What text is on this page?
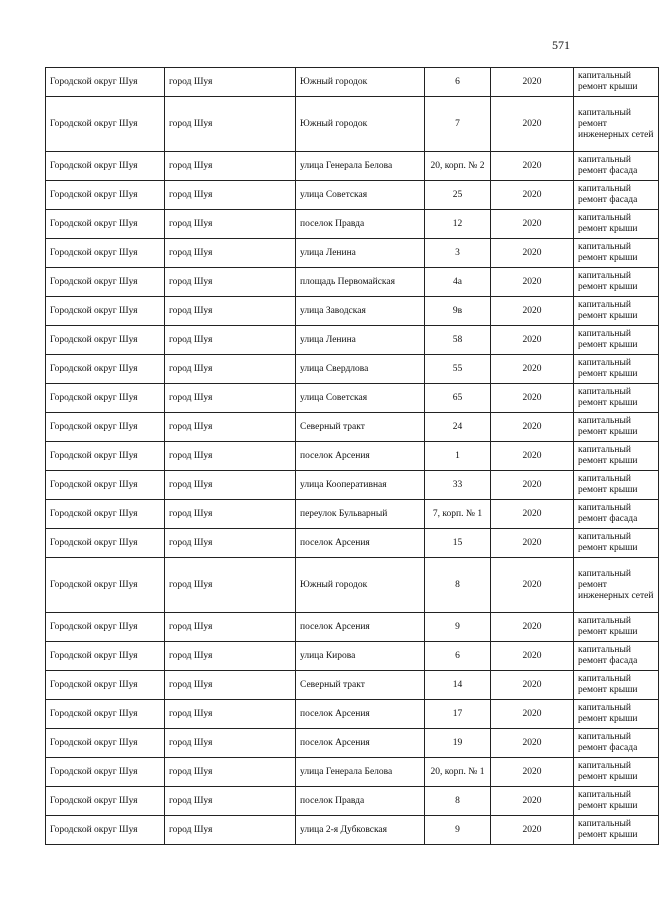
571
Городской округ Шуя	город Шуя	Южный городок	6	2020	капитальный ремонт крыши
Городской округ Шуя	город Шуя	Южный городок	7	2020	капитальный ремонт инженерных сетей
Городской округ Шуя	город Шуя	улица Генерала Белова	20, корп. № 2	2020	капитальный ремонт фасада
Городской округ Шуя	город Шуя	улица Советская	25	2020	капитальный ремонт фасада
Городской округ Шуя	город Шуя	поселок Правда	12	2020	капитальный ремонт крыши
Городской округ Шуя	город Шуя	улица Ленина	3	2020	капитальный ремонт крыши
Городской округ Шуя	город Шуя	площадь Первомайская	4а	2020	капитальный ремонт крыши
Городской округ Шуя	город Шуя	улица Заводская	9в	2020	капитальный ремонт крыши
Городской округ Шуя	город Шуя	улица Ленина	58	2020	капитальный ремонт крыши
Городской округ Шуя	город Шуя	улица Свердлова	55	2020	капитальный ремонт крыши
Городской округ Шуя	город Шуя	улица Советская	65	2020	капитальный ремонт крыши
Городской округ Шуя	город Шуя	Северный тракт	24	2020	капитальный ремонт крыши
Городской округ Шуя	город Шуя	поселок Арсения	1	2020	капитальный ремонт крыши
Городской округ Шуя	город Шуя	улица Кооперативная	33	2020	капитальный ремонт крыши
Городской округ Шуя	город Шуя	переулок Бульварный	7, корп. № 1	2020	капитальный ремонт фасада
Городской округ Шуя	город Шуя	поселок Арсения	15	2020	капитальный ремонт крыши
Городской округ Шуя	город Шуя	Южный городок	8	2020	капитальный ремонт инженерных сетей
Городской округ Шуя	город Шуя	поселок Арсения	9	2020	капитальный ремонт крыши
Городской округ Шуя	город Шуя	улица Кирова	6	2020	капитальный ремонт фасада
Городской округ Шуя	город Шуя	Северный тракт	14	2020	капитальный ремонт крыши
Городской округ Шуя	город Шуя	поселок Арсения	17	2020	капитальный ремонт крыши
Городской округ Шуя	город Шуя	поселок Арсения	19	2020	капитальный ремонт фасада
Городской округ Шуя	город Шуя	улица Генерала Белова	20, корп. № 1	2020	капитальный ремонт крыши
Городской округ Шуя	город Шуя	поселок Правда	8	2020	капитальный ремонт крыши
Городской округ Шуя	город Шуя	улица 2-я Дубковская	9	2020	капитальный ремонт крыши
